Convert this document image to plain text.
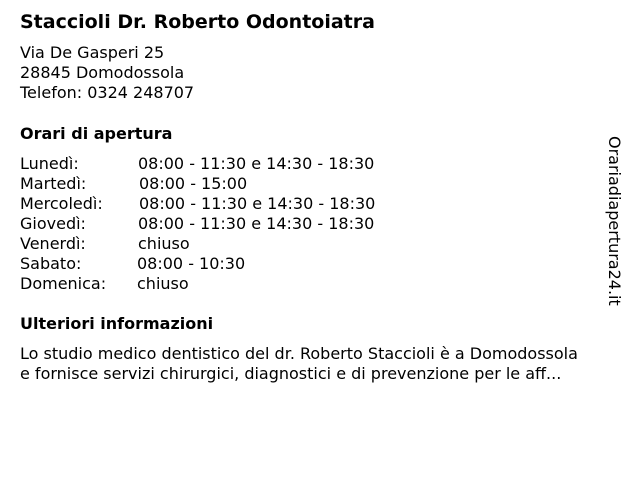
Staccioli Dr. Roberto Odontoiatra
Via De Gasperi 25
28845 Domodossola
Telefon: 0324 248707
Orari di apertura
Lunedì:	08:00 - 11:30 e 14:30 - 18:30
Martedì:	08:00 - 15:00
Mercoledì: 08:00 - 11:30 e 14:30 - 18:30
Giovedì:	08:00 - 11:30 e 14:30 - 18:30
Venerdì:	chiuso
Sabato:	08:00 - 10:30
Domenica: chiuso
Ulteriori informazioni
Lo studio medico dentistico del dr. Roberto Staccioli è a Domodossola
e fornisce servizi chirurgici, diagnostici e di prevenzione per le aff...
Orariadiapertura24.it
